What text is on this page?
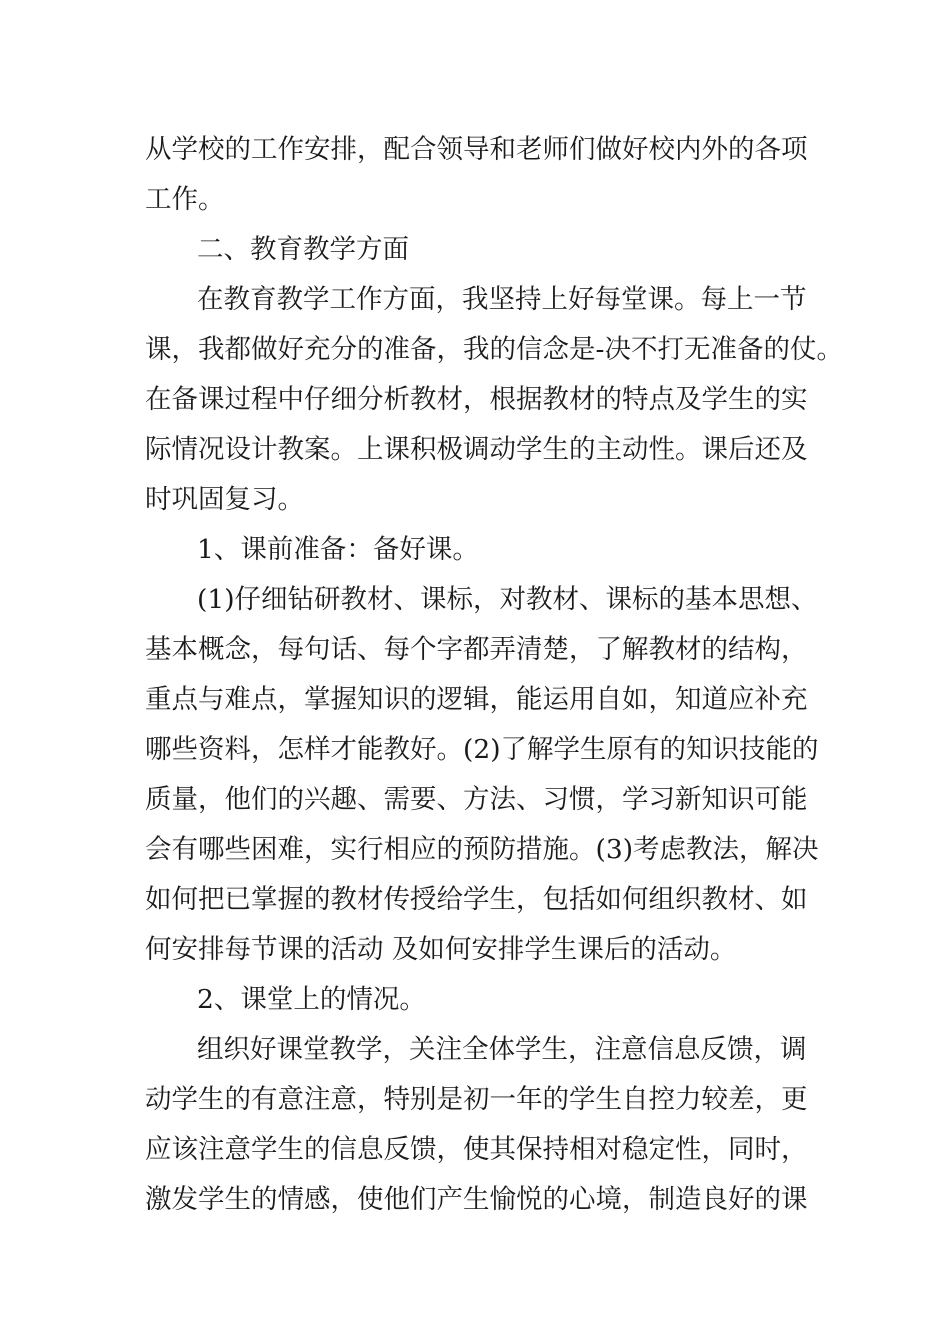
从学校的工作安排，配合领导和老师们做好校内外的各项
工作。
二、教育教学方面
在教育教学工作方面，我坚持上好每堂课。每上一节
课，我都做好充分的准备，我的信念是-决不打无准备的仗。
在备课过程中仔细分析教材，根据教材的特点及学生的实
际情况设计教案。上课积极调动学生的主动性。课后还及
时巩固复习。
1、课前准备：备好课。
(1)仔细钻研教材、课标，对教材、课标的基本思想、
基本概念，每句话、每个字都弄清楚，了解教材的结构，
重点与难点，掌握知识的逻辑，能运用自如，知道应补充
哪些资料，怎样才能教好。(2)了解学生原有的知识技能的
质量，他们的兴趣、需要、方法、习惯，学习新知识可能
会有哪些困难，实行相应的预防措施。(3)考虑教法，解决
如何把已掌握的教材传授给学生，包括如何组织教材、如
何安排每节课的活动 及如何安排学生课后的活动。
2、课堂上的情况。
组织好课堂教学，关注全体学生，注意信息反馈，调
动学生的有意注意，特别是初一年的学生自控力较差，更
应该注意学生的信息反馈，使其保持相对稳定性，同时，
激发学生的情感，使他们产生愉悦的心境，制造良好的课
